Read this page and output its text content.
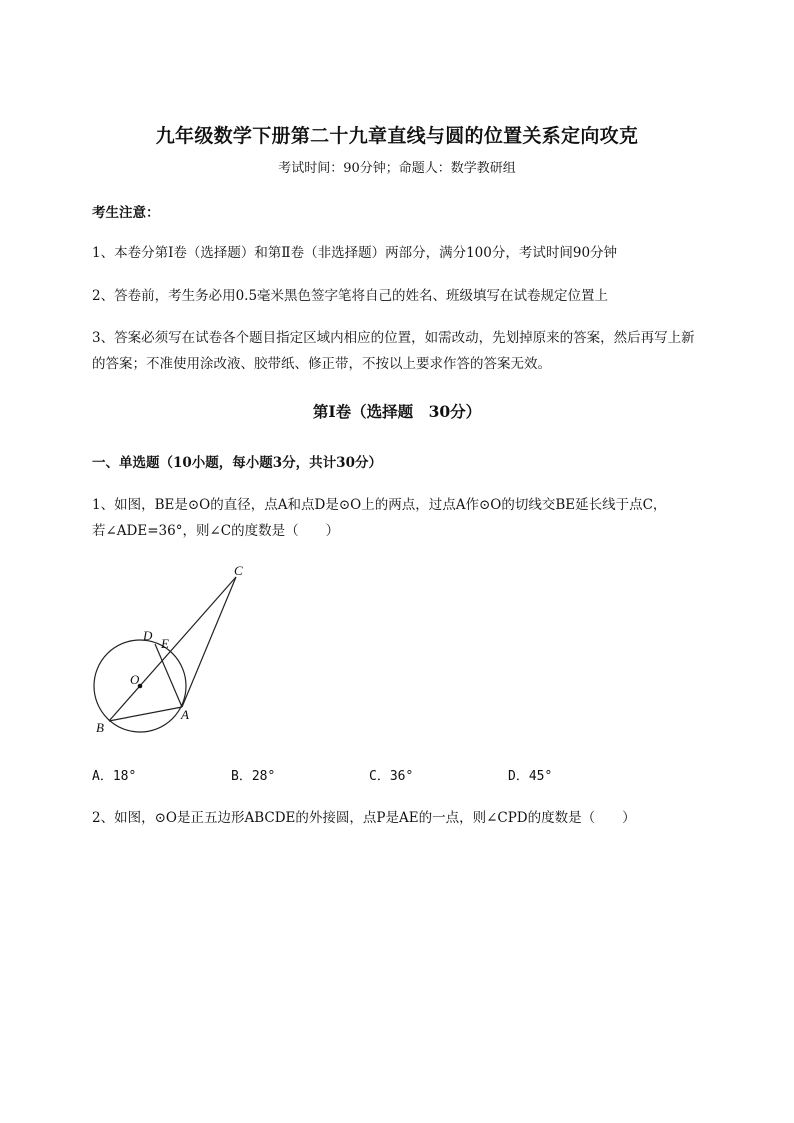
九年级数学下册第二十九章直线与圆的位置关系定向攻克
考试时间：90分钟；命题人：数学教研组
考生注意：
1、本卷分第I卷（选择题）和第Ⅱ卷（非选择题）两部分，满分100分，考试时间90分钟
2、答卷前，考生务必用0.5毫米黑色签字笔将自己的姓名、班级填写在试卷规定位置上
3、答案必须写在试卷各个题目指定区域内相应的位置，如需改动，先划掉原来的答案，然后再写上新
的答案；不准使用涂改液、胶带纸、修正带，不按以上要求作答的答案无效。
第I卷（选择题　30分）
一、单选题（10小题，每小题3分，共计30分）
1、如图，BE是⊙O的直径，点A和点D是⊙O上的两点，过点A作⊙O的切线交BE延长线于点C，
若∠ADE=36°，则∠C的度数是（　　）
C
D
E
O
B
A
A．18°	B．28°	C．36°	D．45°
2、如图，⊙O是正五边形ABCDE的外接圆，点P是AE的一点，则∠CPD的度数是（　　）
